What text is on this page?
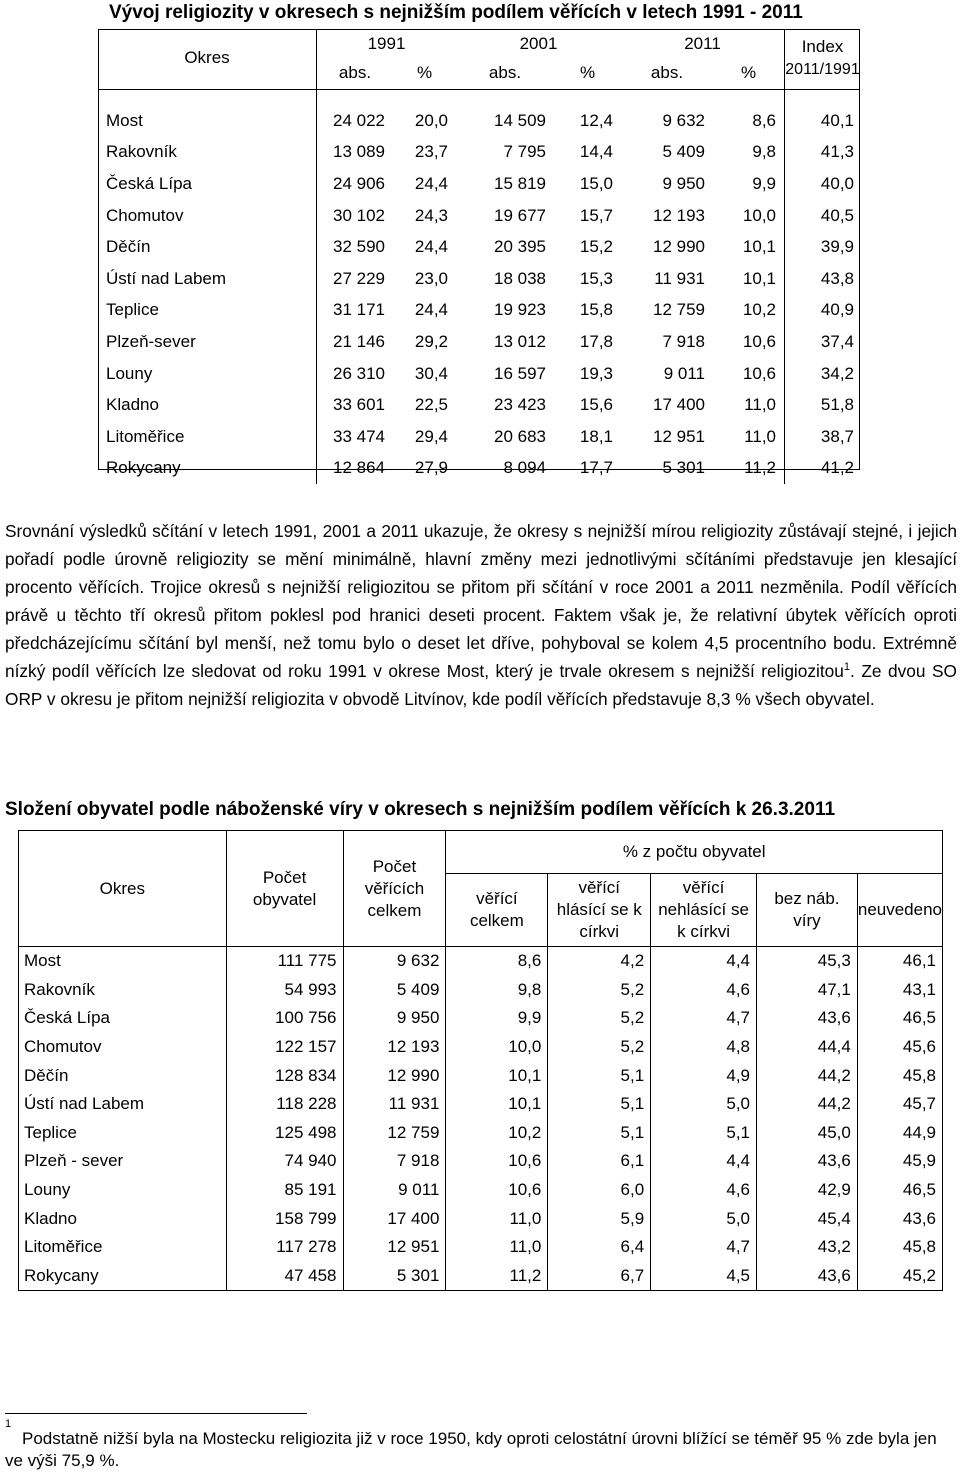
Vývoj religiozity v okresech s nejnižším podílem věřících v letech 1991 - 2011
Okres	1991		2001		2011		Index
2011/1991
	abs.	%	abs.	%	abs.	%	

Most	24 022	20,0	14 509	12,4	9 632	8,6	40,1
Rakovník	13 089	23,7	7 795	14,4	5 409	9,8	41,3
Česká Lípa	24 906	24,4	15 819	15,0	9 950	9,9	40,0
Chomutov	30 102	24,3	19 677	15,7	12 193	10,0	40,5
Děčín	32 590	24,4	20 395	15,2	12 990	10,1	39,9
Ústí nad Labem	27 229	23,0	18 038	15,3	11 931	10,1	43,8
Teplice	31 171	24,4	19 923	15,8	12 759	10,2	40,9
Plzeň-sever	21 146	29,2	13 012	17,8	7 918	10,6	37,4
Louny	26 310	30,4	16 597	19,3	9 011	10,6	34,2
Kladno	33 601	22,5	23 423	15,6	17 400	11,0	51,8
Litoměřice	33 474	29,4	20 683	18,1	12 951	11,0	38,7
Rokycany	12 864	27,9	8 094	17,7	5 301	11,2	41,2

Srovnání výsledků sčítání v letech 1991, 2001 a 2011 ukazuje, že okresy s nejnižší mírou religiozity zůstávají stejné, i jejich pořadí podle úrovně religiozity se mění minimálně, hlavní změny mezi jednotlivými sčítáními představuje jen klesající procento věřících. Trojice okresů s nejnižší religiozitou se přitom při sčítání v roce 2001 a 2011 nezměnila. Podíl věřících právě u těchto tří okresů přitom poklesl pod hranici deseti procent. Faktem však je, že relativní úbytek věřících oproti předcházejícímu sčítání byl menší, než tomu bylo o deset let dříve, pohyboval se kolem 4,5 procentního bodu. Extrémně nízký podíl věřících lze sledovat od roku 1991 v okrese Most, který je trvale okresem s nejnižší religiozitou$^1$. Ze dvou SO ORP v okresu je přitom nejnižší religiozita v obvodě Litvínov, kde podíl věřících představuje 8,3 % všech obyvatel.

Složení obyvatel podle náboženské víry v okresech s nejnižším podílem věřících k 26.3.2011
Okres	Počet obyvatel	Počet věřících celkem	% z počtu obyvatel				
			věřící celkem	věřící hlásící se k církvi	věřící nehlásící se k církvi	bez náb. víry	neuvedeno
Most	111 775	9 632	8,6	4,2	4,4	45,3	46,1
Rakovník	54 993	5 409	9,8	5,2	4,6	47,1	43,1
Česká Lípa	100 756	9 950	9,9	5,2	4,7	43,6	46,5
Chomutov	122 157	12 193	10,0	5,2	4,8	44,4	45,6
Děčín	128 834	12 990	10,1	5,1	4,9	44,2	45,8
Ústí nad Labem	118 228	11 931	10,1	5,1	5,0	44,2	45,7
Teplice	125 498	12 759	10,2	5,1	5,1	45,0	44,9
Plzeň - sever	74 940	7 918	10,6	6,1	4,4	43,6	45,9
Louny	85 191	9 011	10,6	6,0	4,6	42,9	46,5
Kladno	158 799	17 400	11,0	5,9	5,0	45,4	43,6
Litoměřice	117 278	12 951	11,0	6,4	4,7	43,2	45,8
Rokycany	47 458	5 301	11,2	6,7	4,5	43,6	45,2
1

Podstatně nižší byla na Mostecku religiozita již v roce 1950, kdy oproti celostátní úrovni blížící se téměř 95 % zde byla jen ve výši 75,9 %.
